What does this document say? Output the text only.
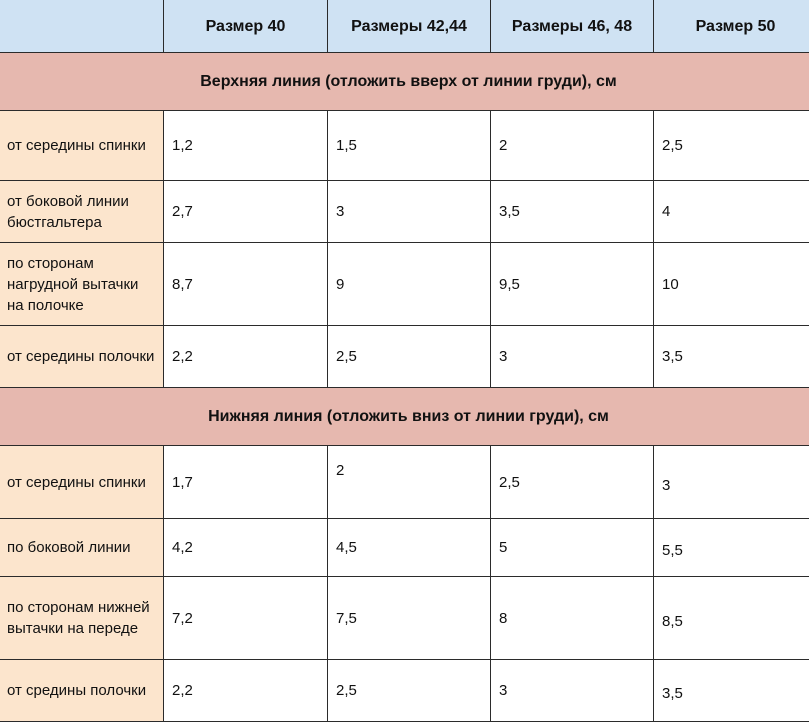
	Размер 40	Размеры 42,44	Размеры 46, 48	Размер 50
Верхняя линия (отложить вверх от линии груди), см				
от середины спинки	1,2	1,5	2	2,5
от боковой линии бюстгальтера	2,7	3	3,5	4
по сторонам нагрудной вытачки на полочке	8,7	9	9,5	10
от середины полочки	2,2	2,5	3	3,5
Нижняя линия (отложить вниз от линии груди), см				
от середины спинки	1,7	2	2,5	3
по боковой линии	4,2	4,5	5	5,5
по сторонам нижней вытачки на переде	7,2	7,5	8	8,5
от средины полочки	2,2	2,5	3	3,5
